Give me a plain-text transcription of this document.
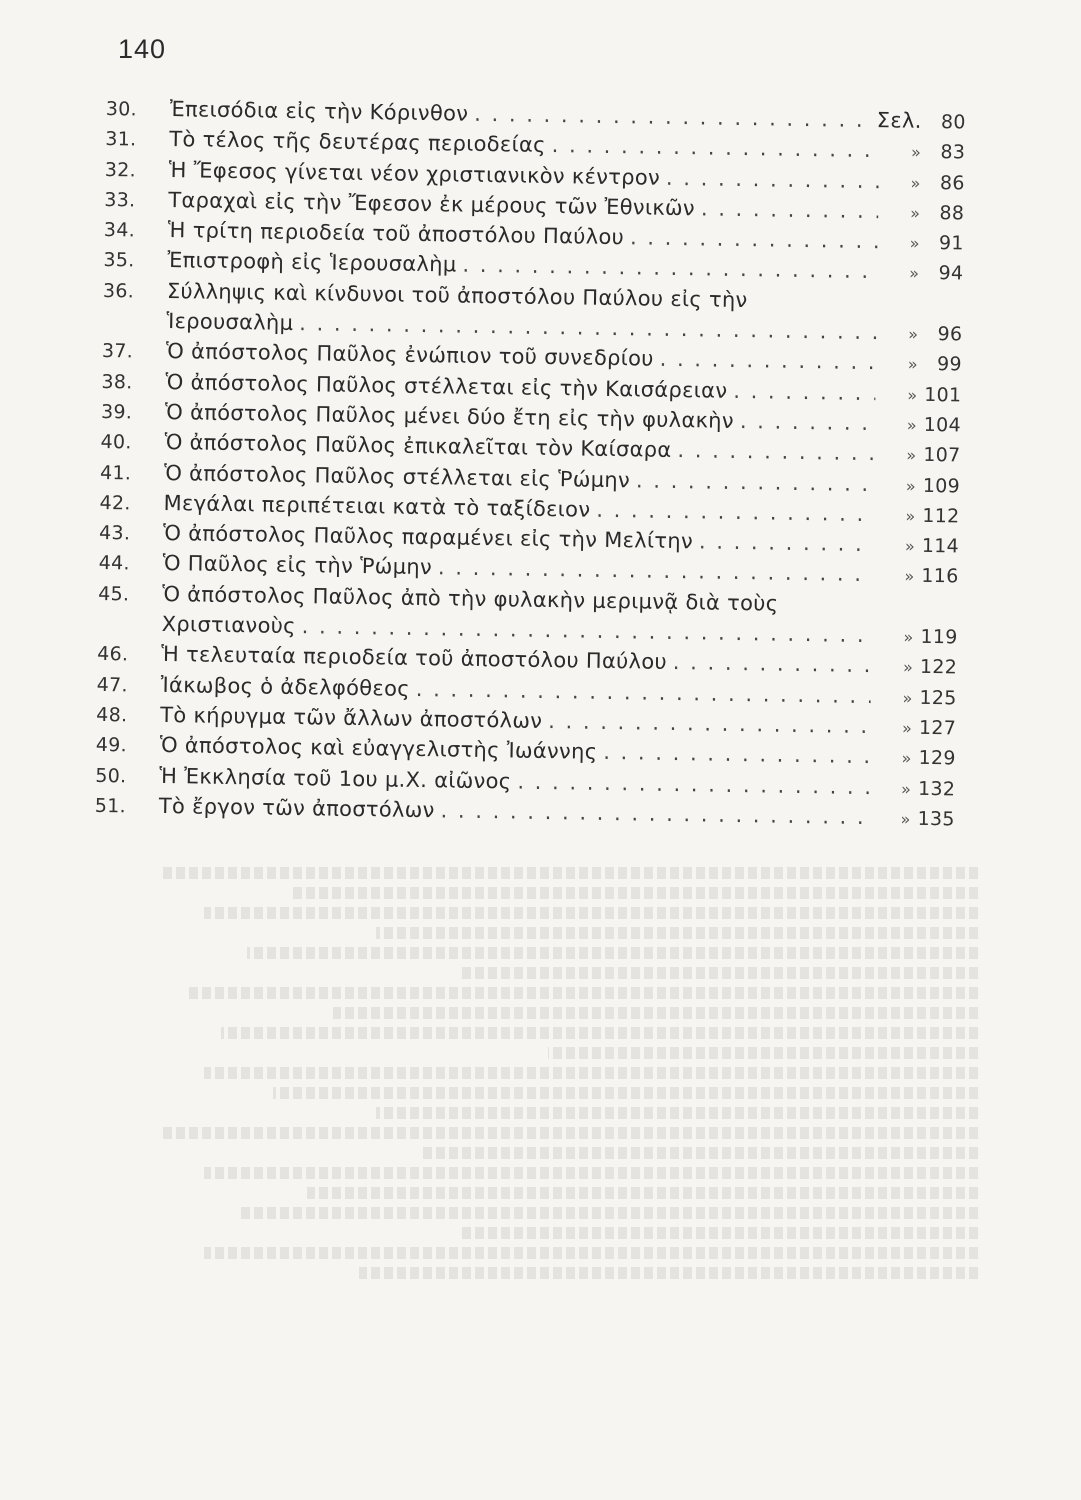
140
30.	Ἐπεισόδια εἰς τὴν Κόρινθον . . .	Σελ. 80
31.	Τὸ τέλος τῆς δευτέρας περιοδείας . . .	» 83
32.	Ἡ Ἔφεσος γίνεται νέον χριστιανικὸν κέντρον . . .	» 86
33.	Ταραχαὶ εἰς τὴν Ἔφεσον ἐκ μέρους τῶν Ἐθνικῶν . . .	» 88
34.	Ἡ τρίτη περιοδεία τοῦ ἀποστόλου Παύλου . . .	» 91
35.	Ἐπιστροφὴ εἰς Ἱερουσαλὴμ . . .	» 94
36.	Σύλληψις καὶ κίνδυνοι τοῦ ἀποστόλου Παύλου εἰς τὴν
Ἱερουσαλὴμ . . .	» 96
37.	Ὁ ἀπόστολος Παῦλος ἐνώπιον τοῦ συνεδρίου . . .	» 99
38.	Ὁ ἀπόστολος Παῦλος στέλλεται εἰς τὴν Καισάρειαν . . .	» 101
39.	Ὁ ἀπόστολος Παῦλος μένει δύο ἔτη εἰς τὴν φυλακὴν . . .	» 104
40.	Ὁ ἀπόστολος Παῦλος ἐπικαλεῖται τὸν Καίσαρα . . .	» 107
41.	Ὁ ἀπόστολος Παῦλος στέλλεται εἰς Ῥώμην . . .	» 109
42.	Μεγάλαι περιπέτειαι κατὰ τὸ ταξίδειον . . .	» 112
43.	Ὁ ἀπόστολος Παῦλος παραμένει εἰς τὴν Μελίτην . . .	» 114
44.	Ὁ Παῦλος εἰς τὴν Ῥώμην . . .	» 116
45.	Ὁ ἀπόστολος Παῦλος ἀπὸ τὴν φυλακὴν μεριμνᾷ διὰ τοὺς
Χριστιανοὺς . . .	» 119
46.	Ἡ τελευταία περιοδεία τοῦ ἀποστόλου Παύλου . . .	» 122
47.	Ἰάκωβος ὁ ἀδελφόθεος . . .	» 125
48.	Τὸ κήρυγμα τῶν ἄλλων ἀποστόλων . . .	» 127
49.	Ὁ ἀπόστολος καὶ εὐαγγελιστὴς Ἰωάννης . . .	» 129
50.	Ἡ Ἐκκλησία τοῦ 1ου μ.Χ. αἰῶνος . . .	» 132
51.	Τὸ ἔργον τῶν ἀποστόλων . . .	» 135
